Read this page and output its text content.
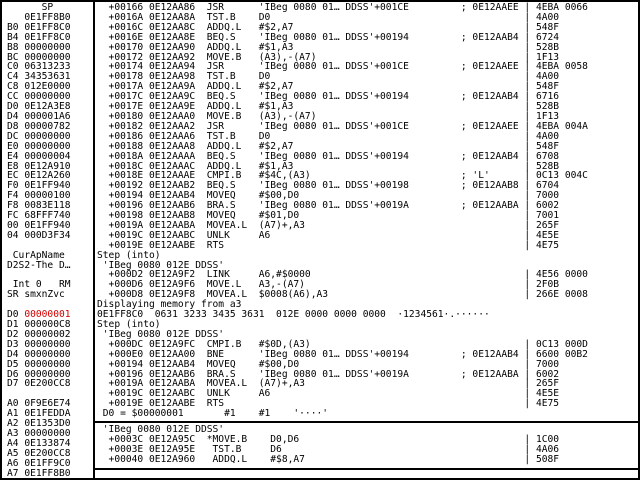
SP
0E1FF8B0
B0 0E1FF8C0
B4 0E1FF8C0
B8 00000000
BC 00000000
C0 06313233
C4 34353631
C8 012E0000
CC 00000000
D0 0E12A3E8
D4 000001A6
D8 00000782
DC 00000000
E0 00000000
E4 00000004
E8 0E12A910
EC 0E12A260
F0 0E1FF940
F4 00000100
F8 0083E118
FC 68FFF740
00 0E1FF940
04 000D3F34
CurApName
D2S2-The D…
Int 0   RM
SR smxnZvc
D0 00000001
D1 000000C8
D2 00000002
D3 00000000
D4 00000000
D5 00000000
D6 00000000
D7 0E200CC8
A0 0F9E6E74
A1 0E1FEDDA
A2 0E1353D0
A3 00000000
A4 0E133874
A5 0E200CC8
A6 0E1FF9C0
A7 0E1FF8B0
+00166 0E12AA86  JSR      'IBeg 0080 01… DDSS'+001CE         ; 0E12AAEE | 4EBA 0066
+0016A 0E12AA8A  TST.B    D0                                            | 4A00
+0016C 0E12AA8C  ADDQ.L   #$2,A7                                        | 548F
+0016E 0E12AA8E  BEQ.S    'IBeg 0080 01… DDSS'+00194         ; 0E12AAB4 | 6724
+00170 0E12AA90  ADDQ.L   #$1,A3                                        | 528B
+00172 0E12AA92  MOVE.B   (A3),-(A7)                                    | 1F13
+00174 0E12AA94  JSR      'IBeg 0080 01… DDSS'+001CE         ; 0E12AAEE | 4EBA 0058
+00178 0E12AA98  TST.B    D0                                            | 4A00
+0017A 0E12AA9A  ADDQ.L   #$2,A7                                        | 548F
+0017C 0E12AA9C  BEQ.S    'IBeg 0080 01… DDSS'+00194         ; 0E12AAB4 | 6716
+0017E 0E12AA9E  ADDQ.L   #$1,A3                                        | 528B
+00180 0E12AAA0  MOVE.B   (A3),-(A7)                                    | 1F13
+00182 0E12AAA2  JSR      'IBeg 0080 01… DDSS'+001CE         ; 0E12AAEE | 4EBA 004A
+00186 0E12AAA6  TST.B    D0                                            | 4A00
+00188 0E12AAA8  ADDQ.L   #$2,A7                                        | 548F
+0018A 0E12AAAA  BEQ.S    'IBeg 0080 01… DDSS'+00194         ; 0E12AAB4 | 6708
+0018C 0E12AAAC  ADDQ.L   #$1,A3                                        | 528B
+0018E 0E12AAAE  CMPI.B   #$4C,(A3)                          ; 'L'      | 0C13 004C
+00192 0E12AAB2  BEQ.S    'IBeg 0080 01… DDSS'+00198         ; 0E12AAB8 | 6704
+00194 0E12AAB4  MOVEQ    #$00,D0                                       | 7000
+00196 0E12AAB6  BRA.S    'IBeg 0080 01… DDSS'+0019A         ; 0E12AABA | 6002
+00198 0E12AAB8  MOVEQ    #$01,D0                                       | 7001
+0019A 0E12AABA  MOVEA.L  (A7)+,A3                                      | 265F
+0019C 0E12AABC  UNLK     A6                                            | 4E5E
+0019E 0E12AABE  RTS                                                    | 4E75
Step (into)
'IBeg 0080 012E DDSS'
+000D2 0E12A9F2  LINK     A6,#$0000                                     | 4E56 0000
+000D6 0E12A9F6  MOVE.L   A3,-(A7)                                      | 2F0B
+000D8 0E12A9F8  MOVEA.L  $0008(A6),A3                                  | 266E 0008
Displaying memory from a3
0E1FF8C0  0631 3233 3435 3631  012E 0000 0000 0000  ·1234561·.······
Step (into)
'IBeg 0080 012E DDSS'
+000DC 0E12A9FC  CMPI.B   #$0D,(A3)                                     | 0C13 000D
+000E0 0E12AA00  BNE      'IBeg 0080 01… DDSS'+00194         ; 0E12AAB4 | 6600 00B2
+00194 0E12AAB4  MOVEQ    #$00,D0                                       | 7000
+00196 0E12AAB6  BRA.S    'IBeg 0080 01… DDSS'+0019A         ; 0E12AABA | 6002
+0019A 0E12AABA  MOVEA.L  (A7)+,A3                                      | 265F
+0019C 0E12AABC  UNLK     A6                                            | 4E5E
+0019E 0E12AABE  RTS                                                    | 4E75
D0 = $00000001       #1    #1    '····'
'IBeg 0080 012E DDSS'
+0003C 0E12A95C  *MOVE.B    D0,D6                                       | 1C00
+0003E 0E12A95E   TST.B     D6                                          | 4A06
+00040 0E12A960   ADDQ.L    #$8,A7                                      | 508F
